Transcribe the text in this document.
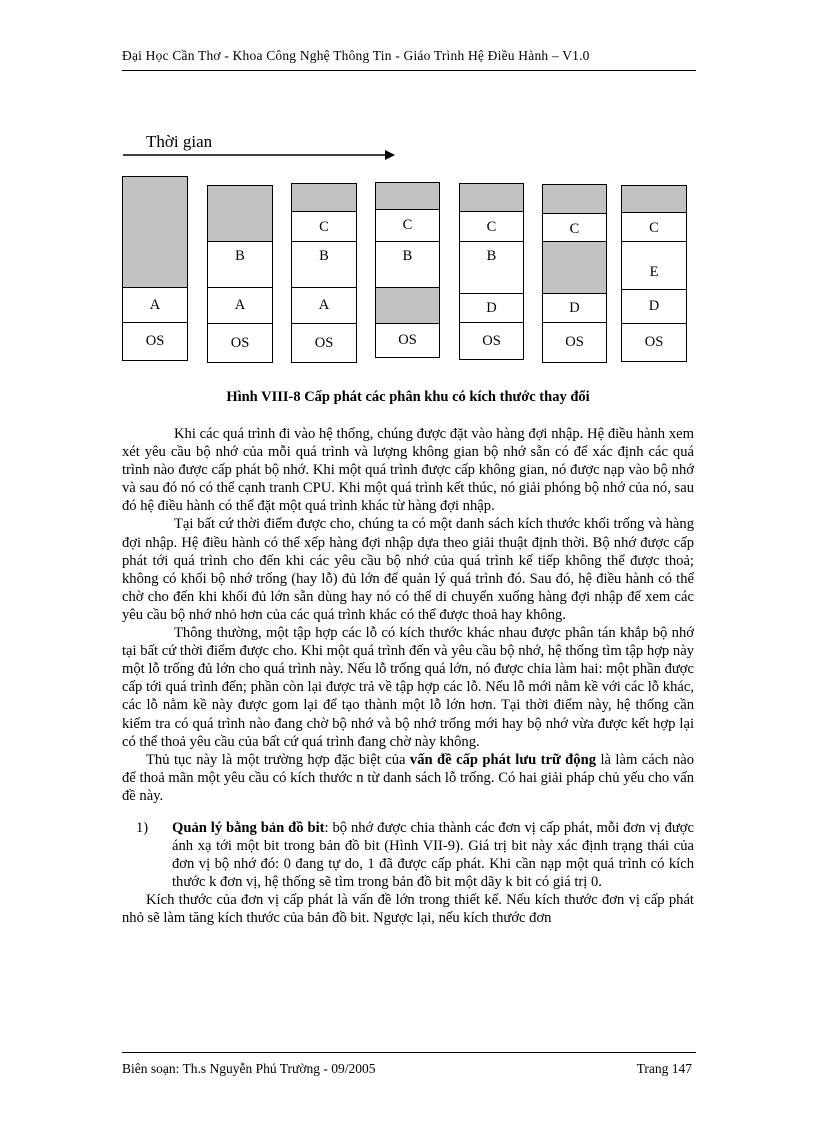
Đại Học Cần Thơ - Khoa Công Nghệ Thông Tin - Giáo Trình Hệ Điều Hành – V1.0
Thời gian
A
OS
B
A
OS
C
B
A
OS
C
B
OS
C
B
D
OS
C
D
OS
C
E
D
OS
Hình VIII-8 Cấp phát các phân khu có kích thước thay đổi

Khi các quá trình đi vào hệ thống, chúng được đặt vào hàng đợi nhập. Hệ điều hành xem xét yêu cầu bộ nhớ của mỗi quá trình và lượng không gian bộ nhớ sẵn có để xác định các quá trình nào được cấp phát bộ nhớ. Khi một quá trình được cấp không gian, nó được nạp vào bộ nhớ và sau đó nó có thể cạnh tranh CPU. Khi một quá trình kết thúc, nó giải phóng bộ nhớ của nó, sau đó hệ điều hành có thể đặt một quá trình khác từ hàng đợi nhập.

Tại bất cứ thời điểm được cho, chúng ta có một danh sách kích thước khối trống và hàng đợi nhập. Hệ điều hành có thể xếp hàng đợi nhập dựa theo giải thuật định thời. Bộ nhớ được cấp phát tới quá trình cho đến khi các yêu cầu bộ nhớ của quá trình kế tiếp không thể được thoả; không có khối bộ nhớ trống (hay lỗ) đủ lớn để quản lý quá trình đó. Sau đó, hệ điều hành có thể chờ cho đến khi khối đủ lớn sẵn dùng hay nó có thể di chuyển xuống hàng đợi nhập để xem các yêu cầu bộ nhớ nhỏ hơn của các quá trình khác có thể được thoả hay không.

Thông thường, một tập hợp các lỗ có kích thước khác nhau được phân tán khắp bộ nhớ tại bất cứ thời điểm được cho. Khi một quá trình đến và yêu cầu bộ nhớ, hệ thống tìm tập hợp này một lỗ trống đủ lớn cho quá trình này. Nếu lỗ trống quá lớn, nó được chia làm hai: một phần được cấp tới quá trình đến; phần còn lại được trả về tập hợp các lỗ. Nếu lỗ mới nằm kề với các lỗ khác, các lỗ nằm kề này được gom lại để tạo thành một lỗ lớn hơn. Tại thời điểm này, hệ thống cần kiểm tra có quá trình nào đang chờ bộ nhớ và bộ nhớ trống mới hay bộ nhớ vừa được kết hợp lại có thể thoả yêu cầu của bất cứ quá trình đang chờ này không.

Thủ tục này là một trường hợp đặc biệt của vấn đề cấp phát lưu trữ động là làm cách nào để thoả mãn một yêu cầu có kích thước n từ danh sách lỗ trống. Có hai giải pháp chủ yếu cho vấn đề này.

1) Quản lý bằng bản đồ bit: bộ nhớ được chia thành các đơn vị cấp phát, mỗi đơn vị được ánh xạ tới một bit trong bản đồ bit (Hình VII-9). Giá trị bit này xác định trạng thái của đơn vị bộ nhớ đó: 0 đang tự do, 1 đã được cấp phát. Khi cần nạp một quá trình có kích thước k đơn vị, hệ thống sẽ tìm trong bản đồ bit một dãy k bit có giá trị 0.

Kích thước của đơn vị cấp phát là vấn đề lớn trong thiết kế. Nếu kích thước đơn vị cấp phát nhỏ sẽ làm tăng kích thước của bản đồ bit. Ngược lại, nếu kích thước đơn

Biên soạn: Th.s Nguyễn Phú Trường - 09/2005	Trang 147
